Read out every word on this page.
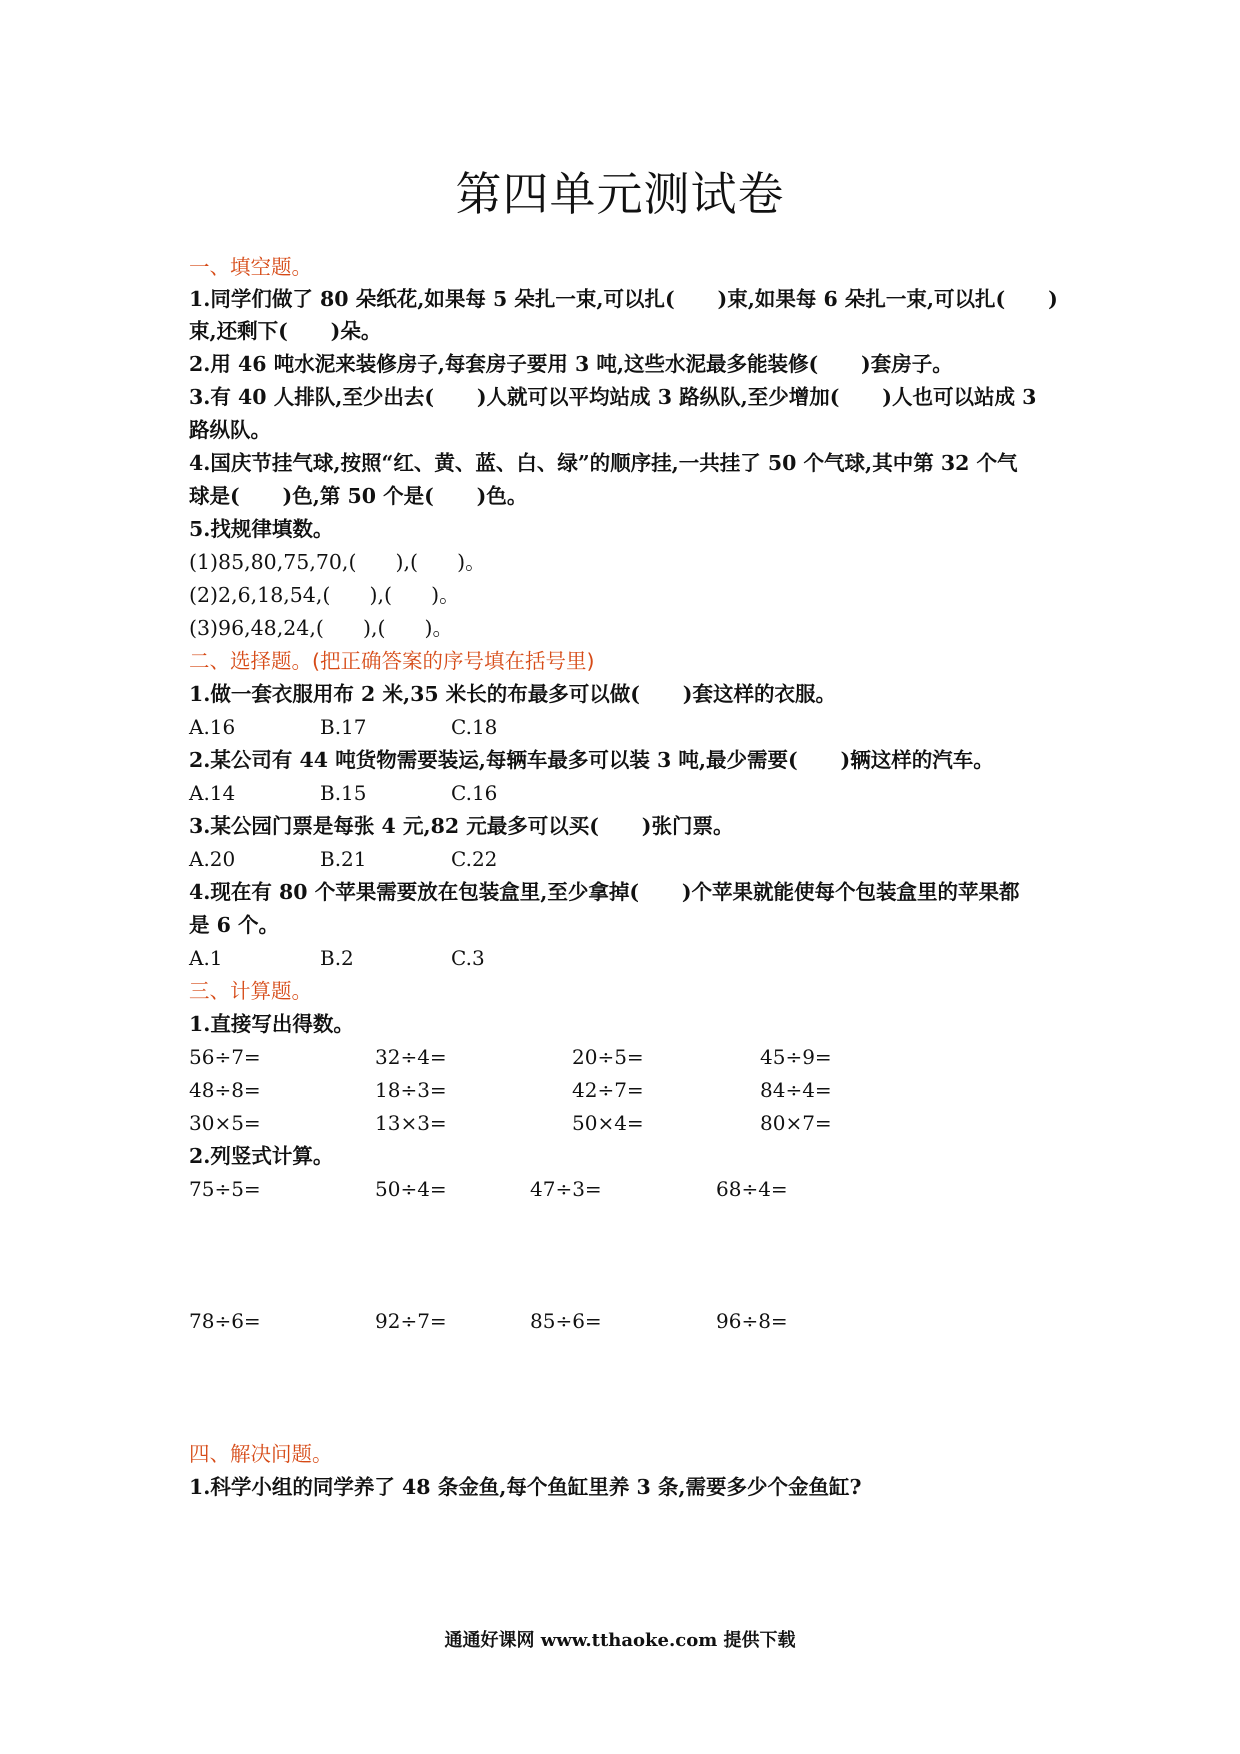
第四单元测试卷
一、填空题。
1.同学们做了 80 朵纸花,如果每 5 朵扎一束,可以扎(      )束,如果每 6 朵扎一束,可以扎(      )
束,还剩下(      )朵。
2.用 46 吨水泥来装修房子,每套房子要用 3 吨,这些水泥最多能装修(      )套房子。
3.有 40 人排队,至少出去(      )人就可以平均站成 3 路纵队,至少增加(      )人也可以站成 3
路纵队。
4.国庆节挂气球,按照“红、黄、蓝、白、绿”的顺序挂,一共挂了 50 个气球,其中第 32 个气
球是(      )色,第 50 个是(      )色。
5.找规律填数。
(1)85,80,75,70,(      ),(      )。
(2)2,6,18,54,(      ),(      )。
(3)96,48,24,(      ),(      )。
二、选择题。(把正确答案的序号填在括号里)
1.做一套衣服用布 2 米,35 米长的布最多可以做(      )套这样的衣服。
A.16	B.17	C.18
2.某公司有 44 吨货物需要装运,每辆车最多可以装 3 吨,最少需要(      )辆这样的汽车。
A.14	B.15	C.16
3.某公园门票是每张 4 元,82 元最多可以买(      )张门票。
A.20	B.21	C.22
4.现在有 80 个苹果需要放在包装盒里,至少拿掉(      )个苹果就能使每个包装盒里的苹果都
是 6 个。
A.1	B.2	C.3
三、计算题。
1.直接写出得数。
56÷7=	32÷4=	20÷5=	45÷9=
48÷8=	18÷3=	42÷7=	84÷4=
30×5=	13×3=	50×4=	80×7=
2.列竖式计算。
75÷5=	50÷4=	47÷3=	68÷4=
78÷6=	92÷7=	85÷6=	96÷8=
四、解决问题。
1.科学小组的同学养了 48 条金鱼,每个鱼缸里养 3 条,需要多少个金鱼缸?
通通好课网 www.tthaoke.com 提供下载
